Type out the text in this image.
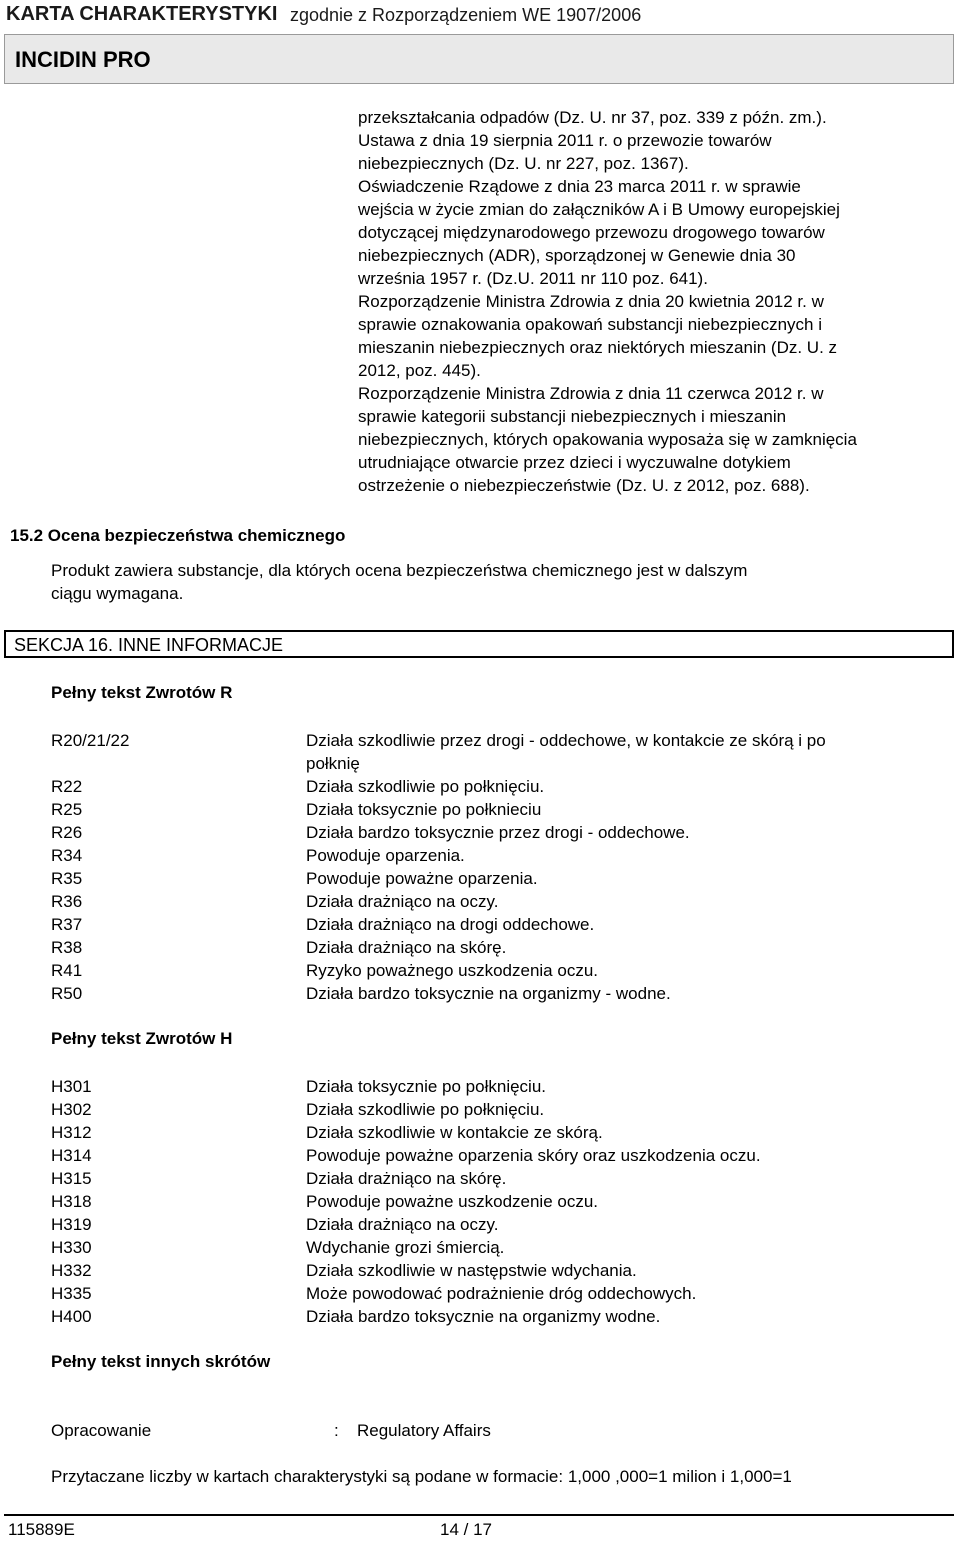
KARTA CHARAKTERYSTYKI zgodnie z Rozporządzeniem WE 1907/2006
INCIDIN PRO
przekształcania odpadów (Dz. U. nr 37, poz. 339 z późn. zm.).
Ustawa z dnia 19 sierpnia 2011 r. o przewozie towarów
niebezpiecznych (Dz. U. nr 227, poz. 1367).
Oświadczenie Rządowe z dnia 23 marca 2011 r. w sprawie
wejścia w życie zmian do załączników A i B Umowy europejskiej
dotyczącej międzynarodowego przewozu drogowego towarów
niebezpiecznych (ADR), sporządzonej w Genewie dnia 30
września 1957 r. (Dz.U. 2011 nr 110 poz. 641).
Rozporządzenie Ministra Zdrowia z dnia 20 kwietnia 2012 r. w
sprawie oznakowania opakowań substancji niebezpiecznych i
mieszanin niebezpiecznych oraz niektórych mieszanin (Dz. U. z
2012, poz. 445).
Rozporządzenie Ministra Zdrowia z dnia 11 czerwca 2012 r. w
sprawie kategorii substancji niebezpiecznych i mieszanin
niebezpiecznych, których opakowania wyposaża się w zamknięcia
utrudniające otwarcie przez dzieci i wyczuwalne dotykiem
ostrzeżenie o niebezpieczeństwie (Dz. U. z 2012, poz. 688).
15.2 Ocena bezpieczeństwa chemicznego
Produkt zawiera substancje, dla których ocena bezpieczeństwa chemicznego jest w dalszym
ciągu wymagana.
SEKCJA 16. INNE INFORMACJE
Pełny tekst Zwrotów R
R20/21/22	Działa szkodliwie przez drogi - oddechowe, w kontakcie ze skórą i po
połknię
R22	Działa szkodliwie po połknięciu.
R25	Działa toksycznie po połknieciu
R26	Działa bardzo toksycznie przez drogi - oddechowe.
R34	Powoduje oparzenia.
R35	Powoduje poważne oparzenia.
R36	Działa drażniąco na oczy.
R37	Działa drażniąco na drogi oddechowe.
R38	Działa drażniąco na skórę.
R41	Ryzyko poważnego uszkodzenia oczu.
R50	Działa bardzo toksycznie na organizmy - wodne.
Pełny tekst Zwrotów H
H301	Działa toksycznie po połknięciu.
H302	Działa szkodliwie po połknięciu.
H312	Działa szkodliwie w kontakcie ze skórą.
H314	Powoduje poważne oparzenia skóry oraz uszkodzenia oczu.
H315	Działa drażniąco na skórę.
H318	Powoduje poważne uszkodzenie oczu.
H319	Działa drażniąco na oczy.
H330	Wdychanie grozi śmiercią.
H332	Działa szkodliwie w następstwie wdychania.
H335	Może powodować podrażnienie dróg oddechowych.
H400	Działa bardzo toksycznie na organizmy wodne.
Pełny tekst innych skrótów
Opracowanie	: Regulatory Affairs
Przytaczane liczby w kartach charakterystyki są podane w formacie: 1,000 ,000=1 milion i 1,000=1
115889E	14 / 17
